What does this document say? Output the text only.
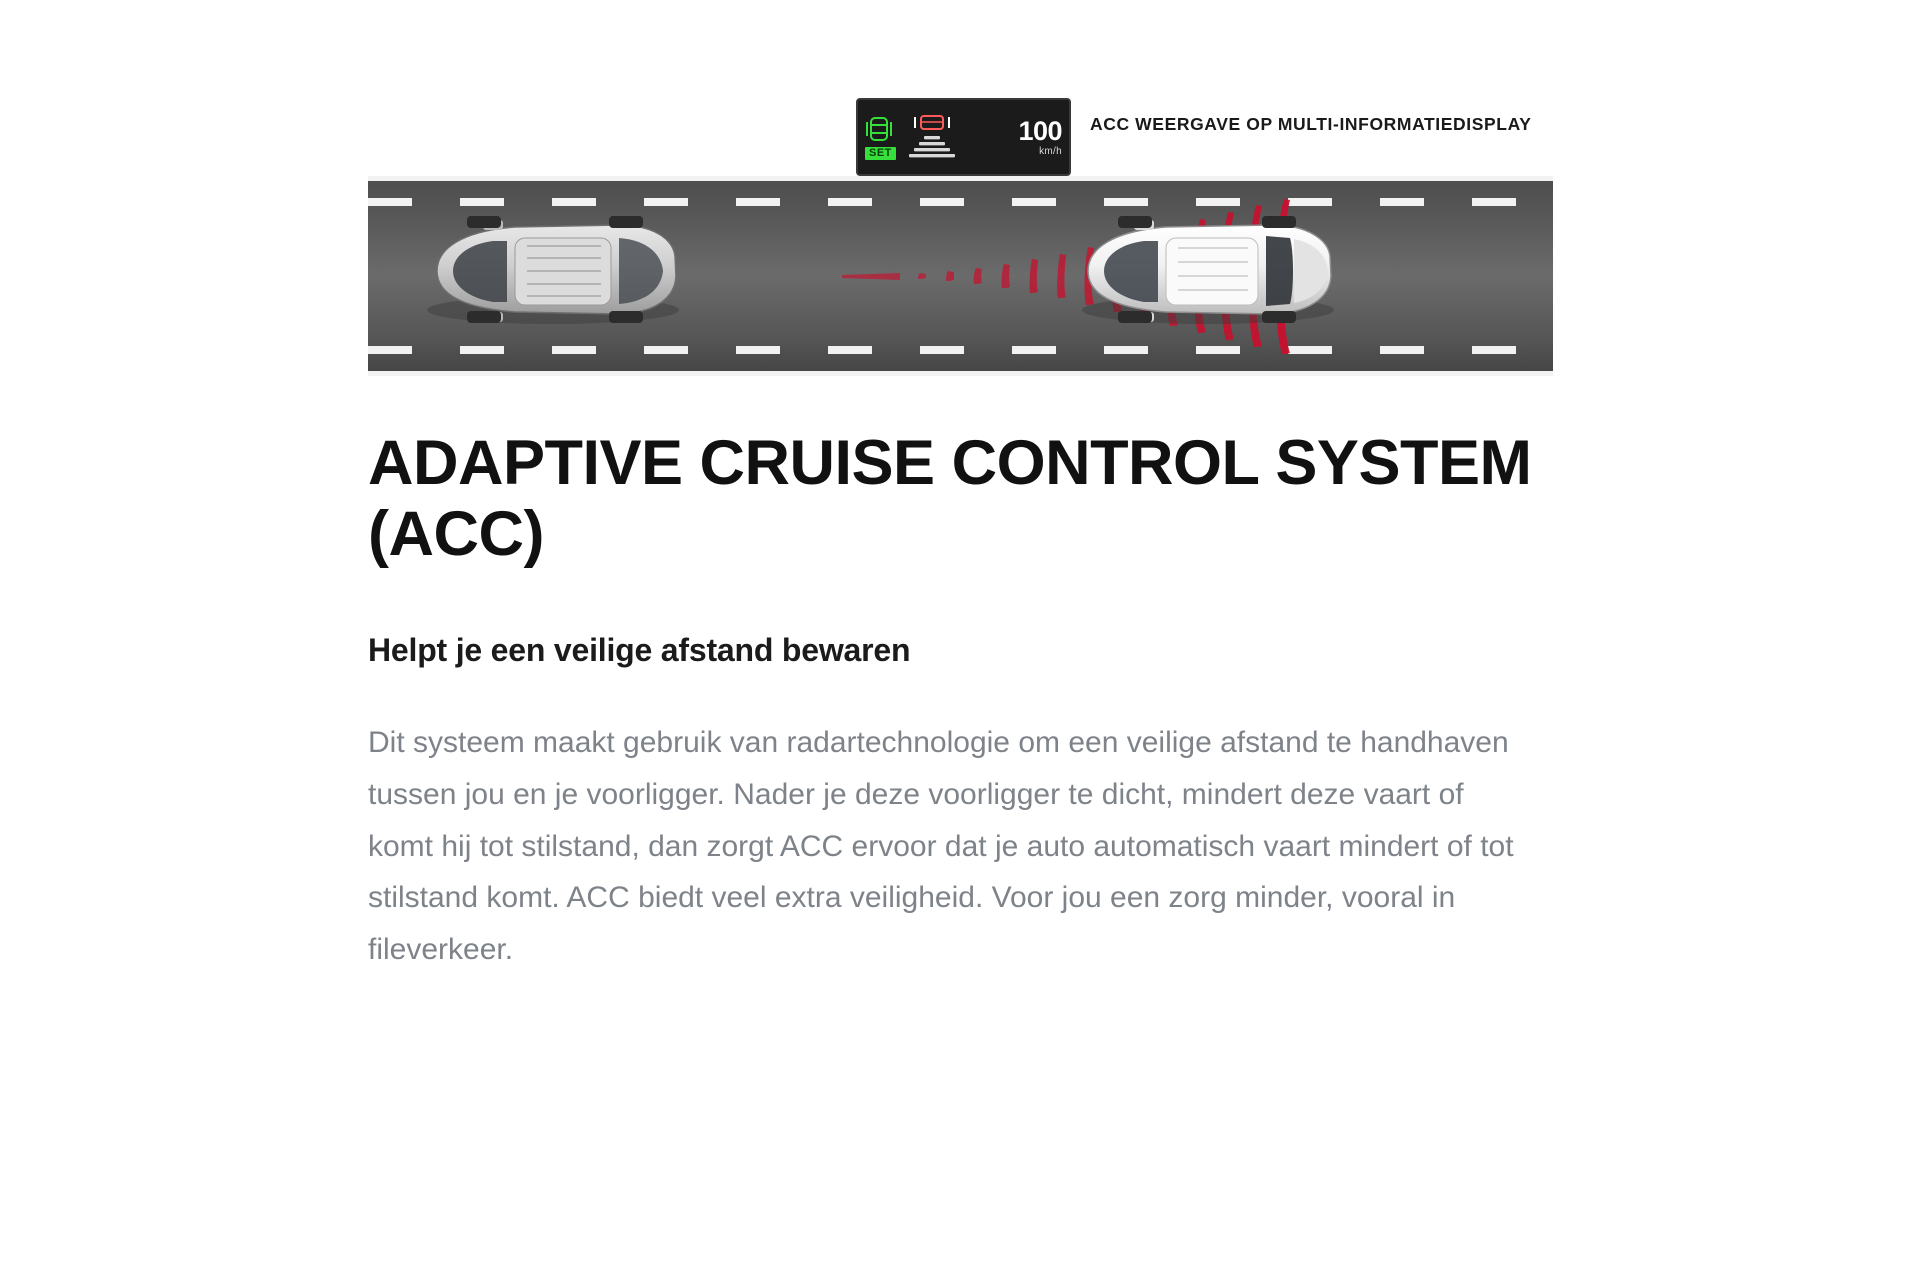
SET
100
km/h
ACC WEERGAVE OP MULTI-INFORMATIEDISPLAY
ADAPTIVE CRUISE CONTROL SYSTEM (ACC)
Helpt je een veilige afstand bewaren

Dit systeem maakt gebruik van radartechnologie om een veilige afstand te handhaven tussen jou en je voorligger. Nader je deze voorligger te dicht, mindert deze vaart of komt hij tot stilstand, dan zorgt ACC ervoor dat je auto automatisch vaart mindert of tot stilstand komt. ACC biedt veel extra veiligheid. Voor jou een zorg minder, vooral in fileverkeer.
